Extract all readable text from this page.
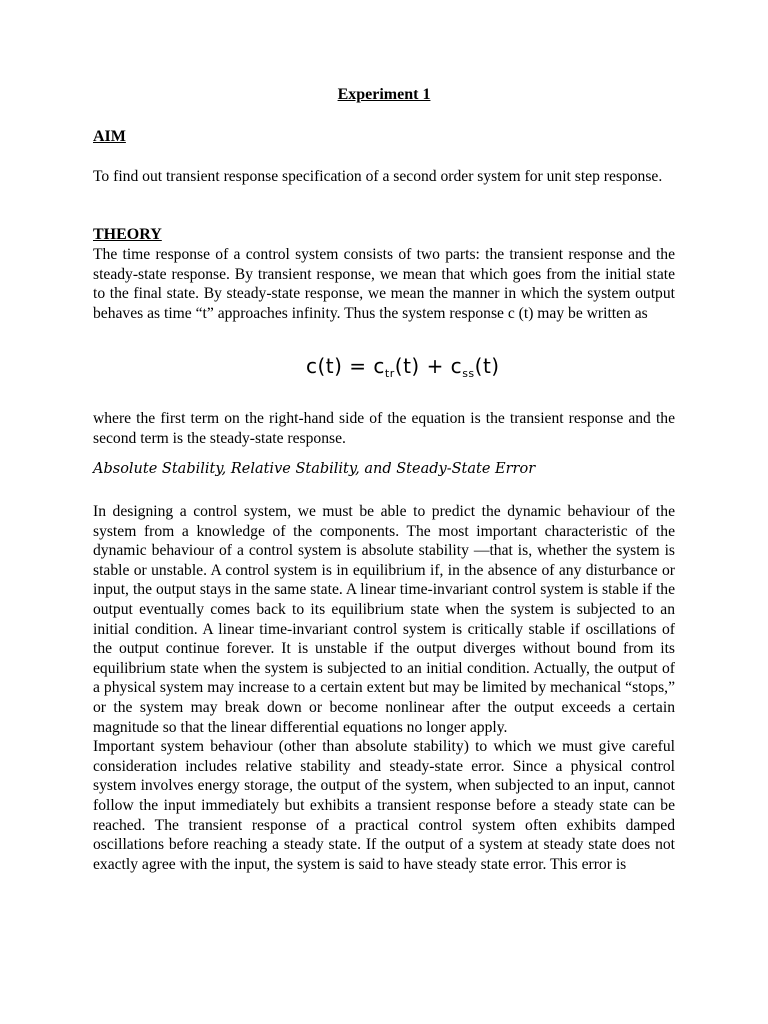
Experiment 1
AIM

To find out transient response specification of a second order system for unit step response.

THEORY

The time response of a control system consists of two parts: the transient response and the steady-state response. By transient response, we mean that which goes from the initial state to the final state. By steady-state response, we mean the manner in which the system output behaves as time “t” approaches infinity. Thus the system response c (t) may be written as

$c(t) = c_{tr}(t) + c_{ss}(t)$

where the first term on the right-hand side of the equation is the transient response and the second term is the steady-state response.

Absolute Stability, Relative Stability, and Steady-State Error

In designing a control system, we must be able to predict the dynamic behaviour of the system from a knowledge of the components. The most important characteristic of the dynamic behaviour of a control system is absolute stability —that is, whether the system is stable or unstable. A control system is in equilibrium if, in the absence of any disturbance or input, the output stays in the same state. A linear time-invariant control system is stable if the output eventually comes back to its equilibrium state when the system is subjected to an initial condition. A linear time-invariant control system is critically stable if oscillations of the output continue forever. It is unstable if the output diverges without bound from its equilibrium state when the system is subjected to an initial condition. Actually, the output of a physical system may increase to a certain extent but may be limited by mechanical “stops,” or the system may break down or become nonlinear after the output exceeds a certain magnitude so that the linear differential equations no longer apply.

Important system behaviour (other than absolute stability) to which we must give careful consideration includes relative stability and steady-state error. Since a physical control system involves energy storage, the output of the system, when subjected to an input, cannot follow the input immediately but exhibits a transient response before a steady state can be reached. The transient response of a practical control system often exhibits damped oscillations before reaching a steady state. If the output of a system at steady state does not exactly agree with the input, the system is said to have steady state error. This error is
